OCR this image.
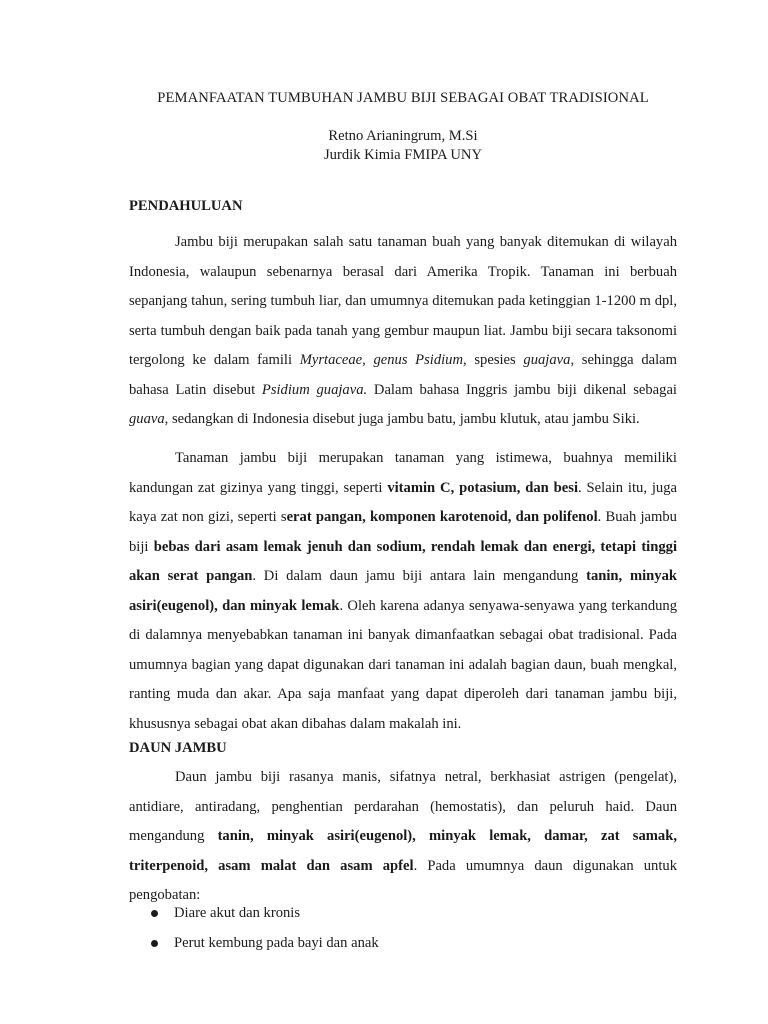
PEMANFAATAN TUMBUHAN JAMBU BIJI SEBAGAI OBAT TRADISIONAL
Retno Arianingrum, M.Si
Jurdik Kimia FMIPA UNY
PENDAHULUAN

Jambu biji merupakan salah satu tanaman buah yang banyak ditemukan di wilayah Indonesia, walaupun sebenarnya berasal dari Amerika Tropik. Tanaman ini berbuah sepanjang tahun, sering tumbuh liar, dan umumnya ditemukan pada ketinggian 1-1200 m dpl, serta tumbuh dengan baik pada tanah yang gembur maupun liat. Jambu biji secara taksonomi tergolong ke dalam famili Myrtaceae, genus Psidium, spesies guajava, sehingga dalam bahasa Latin disebut Psidium guajava. Dalam bahasa Inggris jambu biji dikenal sebagai guava, sedangkan di Indonesia disebut juga jambu batu, jambu klutuk, atau jambu Siki.

Tanaman jambu biji merupakan tanaman yang istimewa, buahnya memiliki kandungan zat gizinya yang tinggi, seperti vitamin C, potasium, dan besi. Selain itu, juga kaya zat non gizi, seperti serat pangan, komponen karotenoid, dan polifenol. Buah jambu biji bebas dari asam lemak jenuh dan sodium, rendah lemak dan energi, tetapi tinggi akan serat pangan. Di dalam daun jamu biji antara lain mengandung tanin, minyak asiri(eugenol), dan minyak lemak. Oleh karena adanya senyawa-senyawa yang terkandung di dalamnya menyebabkan tanaman ini banyak dimanfaatkan sebagai obat tradisional. Pada umumnya bagian yang dapat digunakan dari tanaman ini adalah bagian daun, buah mengkal, ranting muda dan akar. Apa saja manfaat yang dapat diperoleh dari tanaman jambu biji, khususnya sebagai obat akan dibahas dalam makalah ini.

DAUN JAMBU

Daun jambu biji rasanya manis, sifatnya netral, berkhasiat astrigen (pengelat), antidiare, antiradang, penghentian perdarahan (hemostatis), dan peluruh haid. Daun mengandung tanin, minyak asiri(eugenol), minyak lemak, damar, zat samak, triterpenoid, asam malat dan asam apfel. Pada umumnya daun digunakan untuk pengobatan:

Diare akut dan kronis
Perut kembung pada bayi dan anak
